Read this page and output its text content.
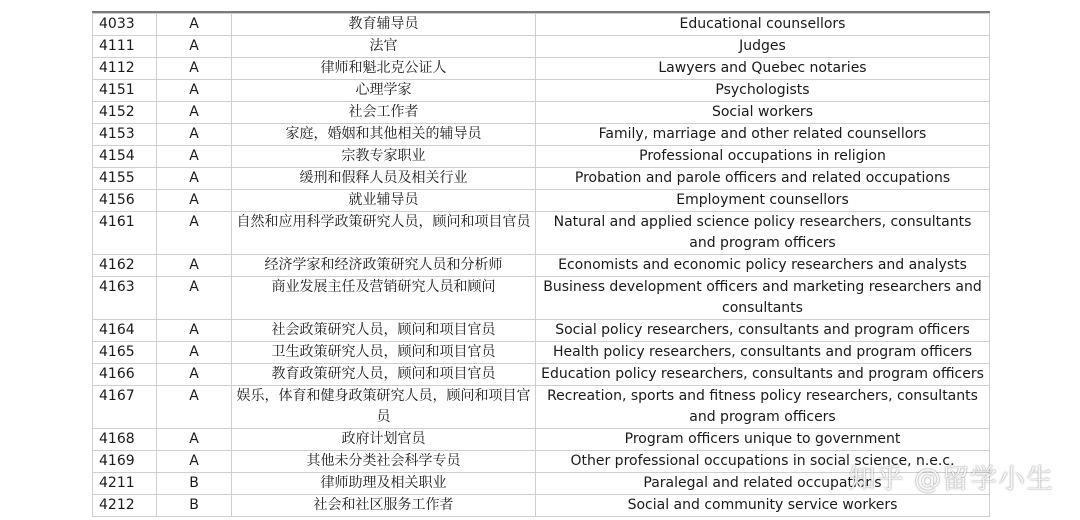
4033	A	教育辅导员	Educational counsellors
4111	A	法官	Judges
4112	A	律师和魁北克公证人	Lawyers and Quebec notaries
4151	A	心理学家	Psychologists
4152	A	社会工作者	Social workers
4153	A	家庭，婚姻和其他相关的辅导员	Family, marriage and other related counsellors
4154	A	宗教专家职业	Professional occupations in religion
4155	A	缓刑和假释人员及相关行业	Probation and parole officers and related occupations
4156	A	就业辅导员	Employment counsellors
4161	A	自然和应用科学政策研究人员，顾问和项目官员	Natural and applied science policy researchers, consultants and program officers
4162	A	经济学家和经济政策研究人员和分析师	Economists and economic policy researchers and analysts
4163	A	商业发展主任及营销研究人员和顾问	Business development officers and marketing researchers and consultants
4164	A	社会政策研究人员，顾问和项目官员	Social policy researchers, consultants and program officers
4165	A	卫生政策研究人员，顾问和项目官员	Health policy researchers, consultants and program officers
4166	A	教育政策研究人员，顾问和项目官员	Education policy researchers, consultants and program officers
4167	A	娱乐，体育和健身政策研究人员，顾问和项目官员	Recreation, sports and fitness policy researchers, consultants and program officers
4168	A	政府计划官员	Program officers unique to government
4169	A	其他未分类社会科学专员	Other professional occupations in social science, n.e.c.
4211	B	律师助理及相关职业	Paralegal and related occupations
4212	B	社会和社区服务工作者	Social and community service workers
知乎 @留学小生
